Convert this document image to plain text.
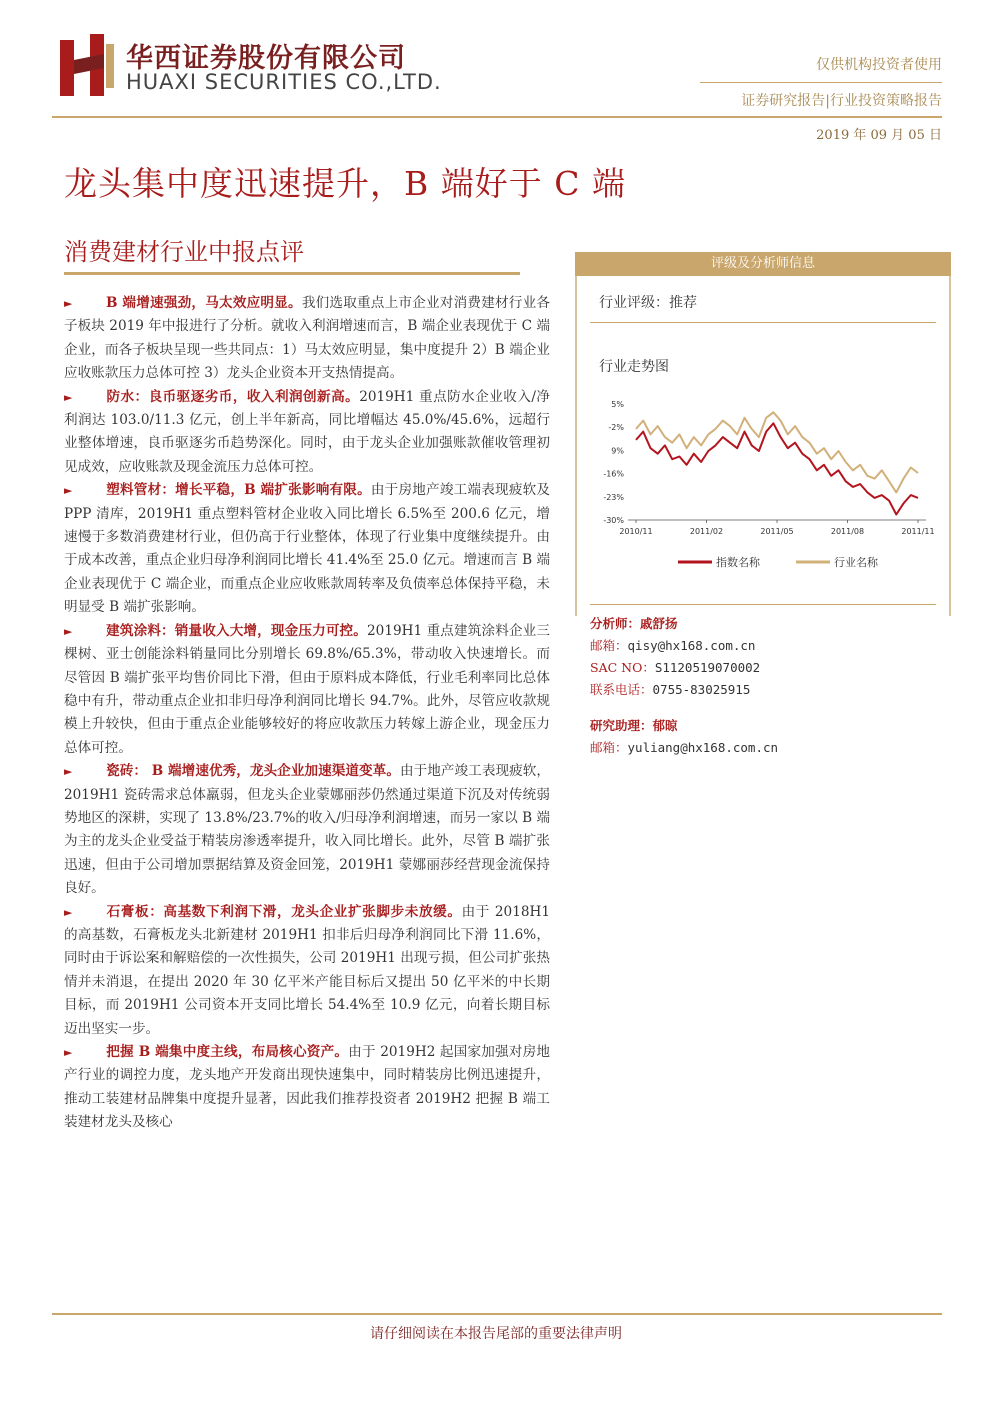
华西证券股份有限公司
HUAXI SECURITIES CO.,LTD.
仅供机构投资者使用
证券研究报告|行业投资策略报告
2019 年 09 月 05 日
龙头集中度迅速提升，B 端好于 C 端
消费建材行业中报点评

► B 端增速强劲，马太效应明显。我们选取重点上市企业对消费建材行业各子板块 2019 年中报进行了分析。就收入利润增速而言，B 端企业表现优于 C 端企业，而各子板块呈现一些共同点：1）马太效应明显，集中度提升 2）B 端企业应收账款压力总体可控 3）龙头企业资本开支热情提高。

► 防水：良币驱逐劣币，收入利润创新高。2019H1 重点防水企业收入/净利润达 103.0/11.3 亿元，创上半年新高，同比增幅达 45.0%/45.6%，远超行业整体增速，良币驱逐劣币趋势深化。同时，由于龙头企业加强账款催收管理初见成效，应收账款及现金流压力总体可控。

► 塑料管材：增长平稳，B 端扩张影响有限。由于房地产竣工端表现疲软及 PPP 清库，2019H1 重点塑料管材企业收入同比增长 6.5%至 200.6 亿元，增速慢于多数消费建材行业，但仍高于行业整体，体现了行业集中度继续提升。由于成本改善，重点企业归母净利润同比增长 41.4%至 25.0 亿元。增速而言 B 端企业表现优于 C 端企业，而重点企业应收账款周转率及负债率总体保持平稳，未明显受 B 端扩张影响。

► 建筑涂料：销量收入大增，现金压力可控。2019H1 重点建筑涂料企业三棵树、亚士创能涂料销量同比分别增长 69.8%/65.3%，带动收入快速增长。而尽管因 B 端扩张平均售价同比下滑，但由于原料成本降低，行业毛利率同比总体稳中有升，带动重点企业扣非归母净利润同比增长 94.7%。此外，尽管应收款规模上升较快，但由于重点企业能够较好的将应收款压力转嫁上游企业，现金压力总体可控。

► 瓷砖： B 端增速优秀，龙头企业加速渠道变革。由于地产竣工表现疲软，2019H1 瓷砖需求总体羸弱，但龙头企业蒙娜丽莎仍然通过渠道下沉及对传统弱势地区的深耕，实现了 13.8%/23.7%的收入/归母净利润增速，而另一家以 B 端为主的龙头企业受益于精装房渗透率提升，收入同比增长。此外，尽管 B 端扩张迅速，但由于公司增加票据结算及资金回笼，2019H1 蒙娜丽莎经营现金流保持良好。

► 石膏板：高基数下利润下滑，龙头企业扩张脚步未放缓。由于 2018H1 的高基数，石膏板龙头北新建材 2019H1 扣非后归母净利润同比下滑 11.6%，同时由于诉讼案和解赔偿的一次性损失，公司 2019H1 出现亏损，但公司扩张热情并未消退，在提出 2020 年 30 亿平米产能目标后又提出 50 亿平米的中长期目标，而 2019H1 公司资本开支同比增长 54.4%至 10.9 亿元，向着长期目标迈出坚实一步。

► 把握 B 端集中度主线，布局核心资产。由于 2019H2 起国家加强对房地产行业的调控力度，龙头地产开发商出现快速集中，同时精装房比例迅速提升，推动工装建材品牌集中度提升显著，因此我们推荐投资者 2019H2 把握 B 端工装建材龙头及核心

评级及分析师信息
行业评级：推荐
行业走势图
5%
-2%
9%
-16%
-23%
-30%
2010/11	2011/02	2011/05	2011/08	2011/11
指数名称	行业名称
分析师：戚舒扬
邮箱：qisy@hx168.com.cn
SAC NO：S1120519070002
联系电话：0755-83025915
研究助理：郁晾
邮箱：yuliang@hx168.com.cn
请仔细阅读在本报告尾部的重要法律声明
